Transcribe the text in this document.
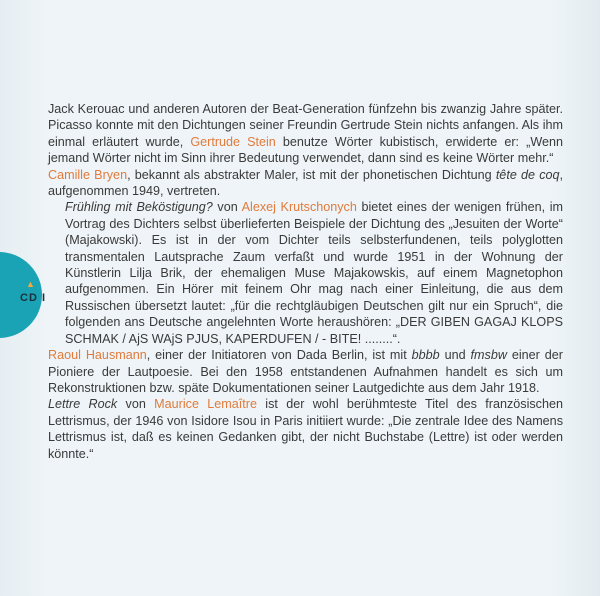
▲
CD I

Jack Kerouac und anderen Autoren der Beat-Generation fünfzehn bis zwanzig Jahre später. Picasso konnte mit den Dichtungen seiner Freundin Gertrude Stein nichts anfangen. Als ihm einmal erläutert wurde, Gertrude Stein benutze Wörter kubistisch, erwiderte er: „Wenn jemand Wörter nicht im Sinn ihrer Bedeutung verwendet, dann sind es keine Wörter mehr.“

Camille Bryen, bekannt als abstrakter Maler, ist mit der phonetischen Dichtung tête de coq, aufgenommen 1949, vertreten.

Frühling mit Beköstigung? von Alexej Krutschonych bietet eines der wenigen frühen, im Vortrag des Dichters selbst überlieferten Beispiele der Dichtung des „Jesuiten der Worte“ (Majakowski). Es ist in der vom Dichter teils selbsterfundenen, teils polyglotten transmentalen Lautsprache Zaum verfaßt und wurde 1951 in der Wohnung der Künstlerin Lilja Brik, der ehemaligen Muse Majakowskis, auf einem Magnetophon aufgenommen. Ein Hörer mit feinem Ohr mag nach einer Einleitung, die aus dem Russischen übersetzt lautet: „für die rechtgläubigen Deutschen gilt nur ein Spruch“, die folgenden ans Deutsche angelehnten Worte heraushören: „DER GIBEN GAGAJ KLOPS SCHMAK / AjS WAjS PJUS, KAPERDUFEN / - BITE! ........“.

Raoul Hausmann, einer der Initiatoren von Dada Berlin, ist mit bbbb und fmsbw einer der Pioniere der Lautpoesie. Bei den 1958 entstandenen Aufnahmen handelt es sich um Rekonstruktionen bzw. späte Dokumentationen seiner Lautgedichte aus dem Jahr 1918.

Lettre Rock von Maurice Lemaître ist der wohl berühmteste Titel des französischen Lettrismus, der 1946 von Isidore Isou in Paris initiiert wurde: „Die zentrale Idee des Namens Lettrismus ist, daß es keinen Gedanken gibt, der nicht Buchstabe (Lettre) ist oder werden könnte.“
